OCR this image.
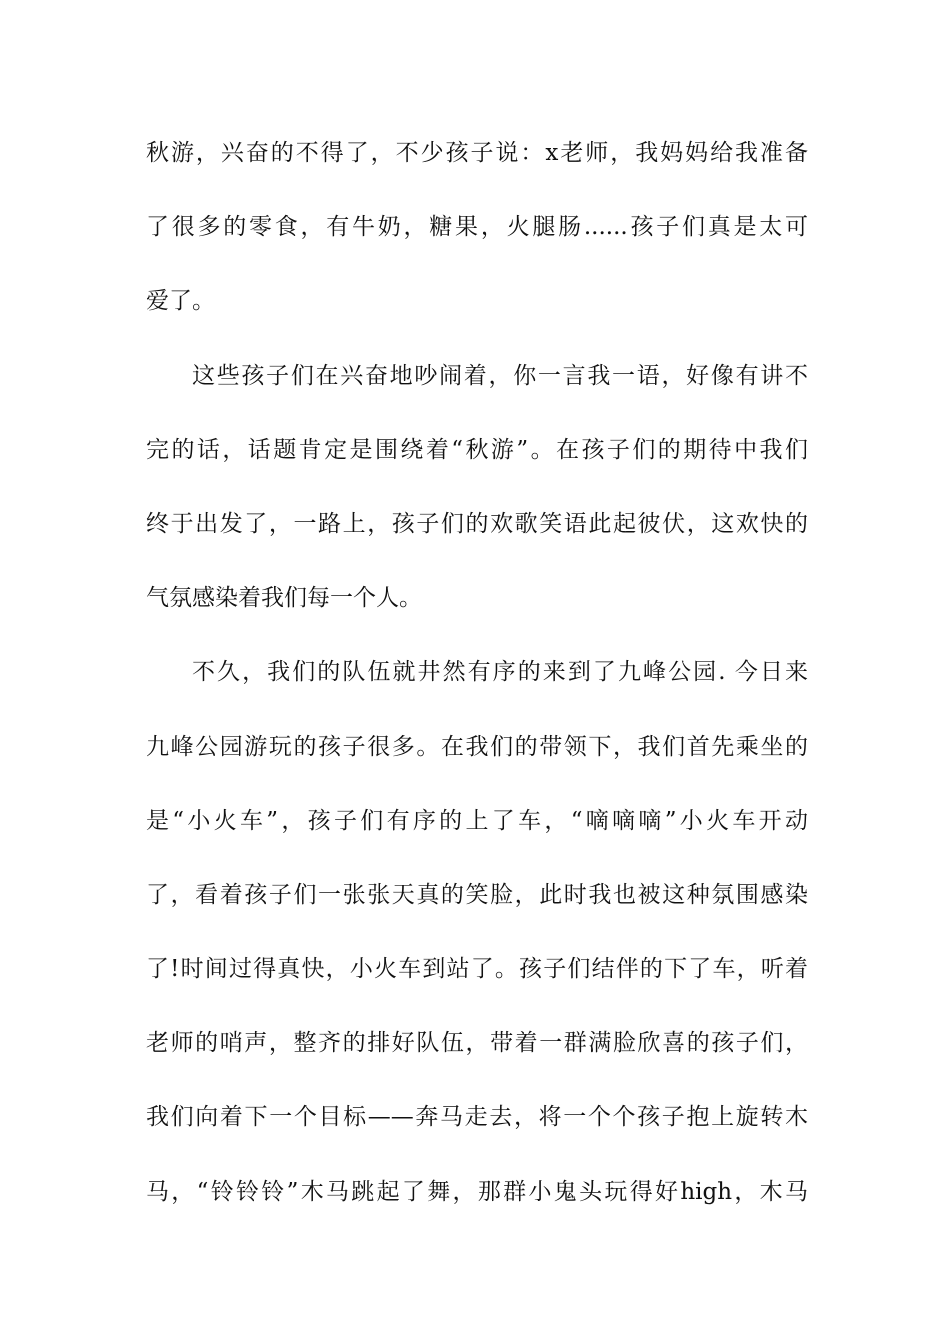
秋游，兴奋的不得了，不少孩子说：x老师，我妈妈给我准备
了很多的零食，有牛奶，糖果，火腿肠......孩子们真是太可
爱了。
这些孩子们在兴奋地吵闹着，你一言我一语，好像有讲不
完的话，话题肯定是围绕着“秋游”。在孩子们的期待中我们
终于出发了，一路上，孩子们的欢歌笑语此起彼伏，这欢快的
气氛感染着我们每一个人。
不久，我们的队伍就井然有序的来到了九峰公园. 今日来
九峰公园游玩的孩子很多。在我们的带领下，我们首先乘坐的
是“小火车”，孩子们有序的上了车，“嘀嘀嘀”小火车开动
了，看着孩子们一张张天真的笑脸，此时我也被这种氛围感染
了!时间过得真快，小火车到站了。孩子们结伴的下了车，听着
老师的哨声，整齐的排好队伍，带着一群满脸欣喜的孩子们，
我们向着下一个目标——奔马走去，将一个个孩子抱上旋转木
马，“铃铃铃”木马跳起了舞，那群小鬼头玩得好high，木马
